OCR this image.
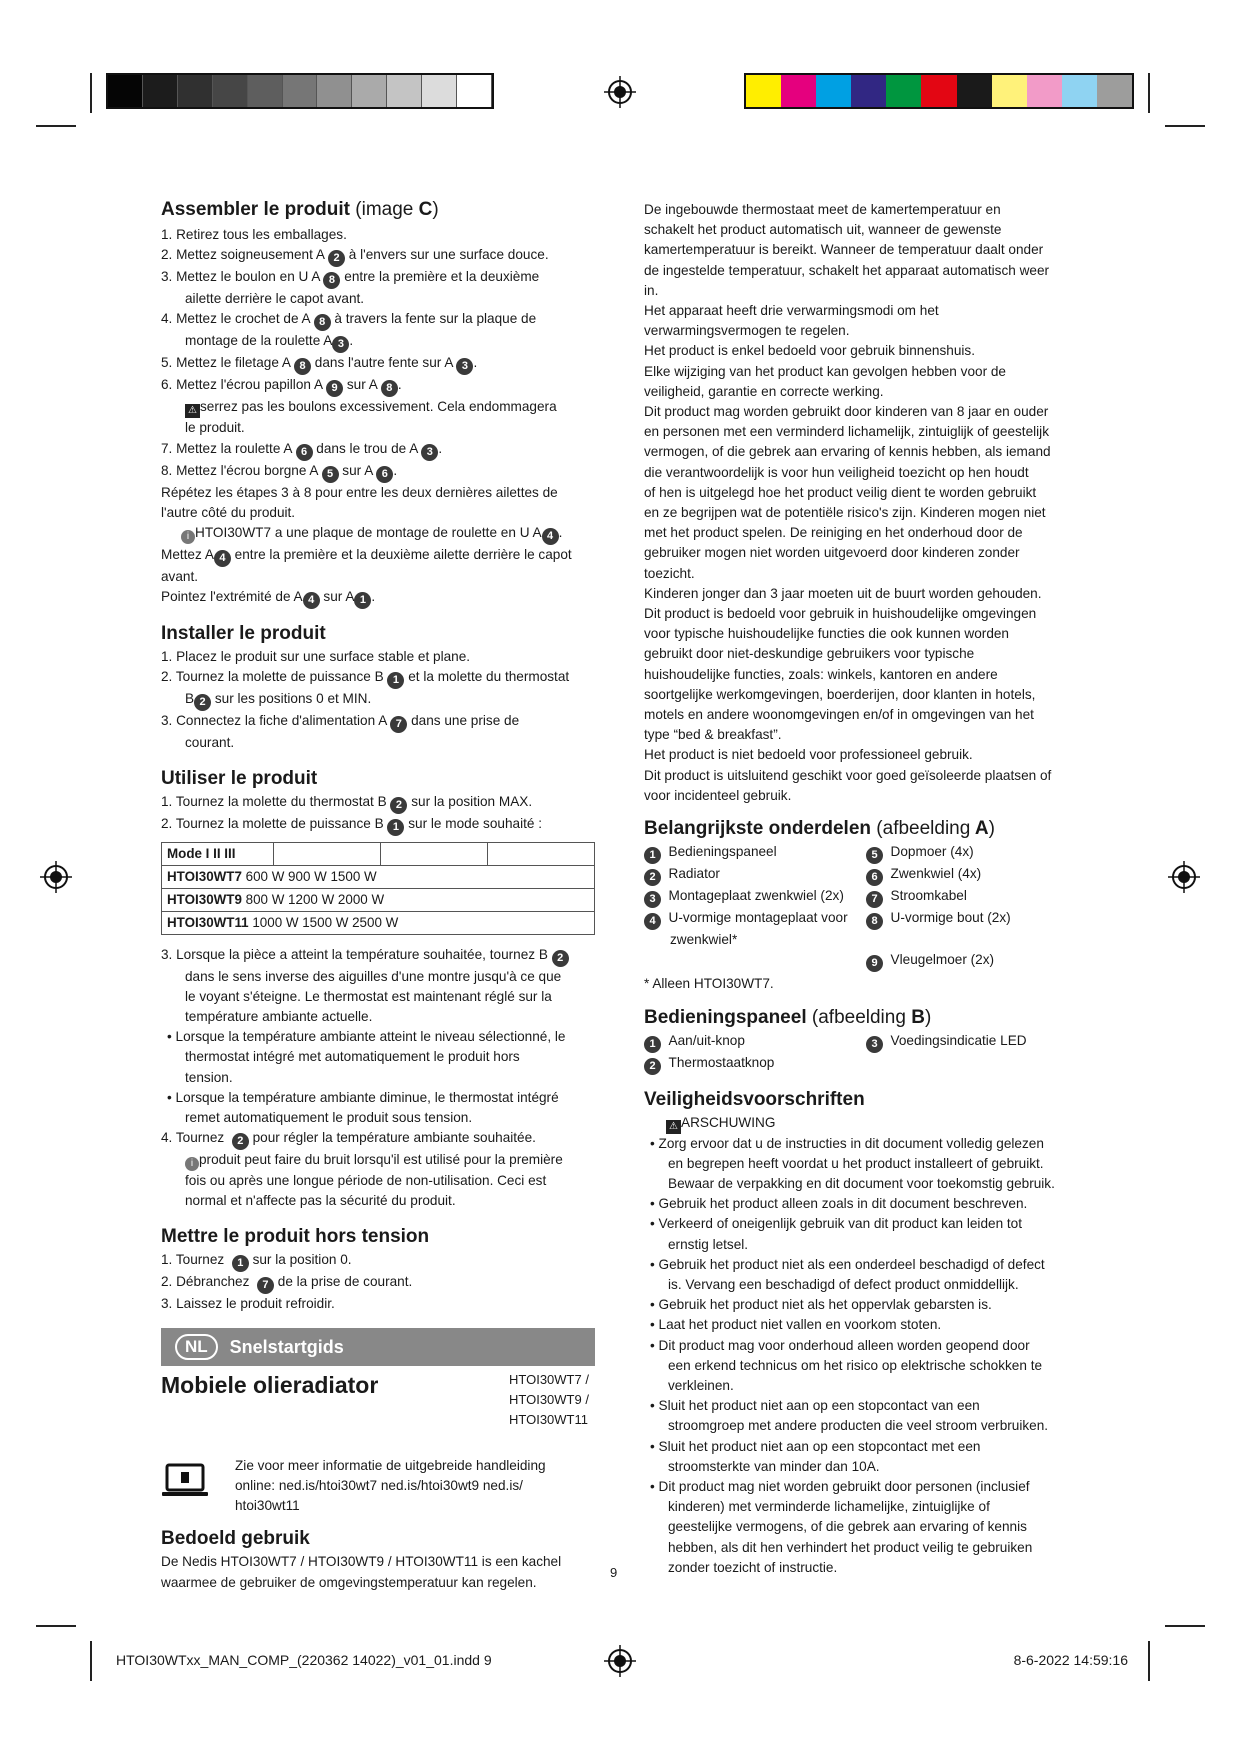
Assembler le produit (image C)

1. Retirez tous les emballages.

2. Mettez soigneusement A 2 à l'envers sur une surface douce.

3. Mettez le boulon en U A 8 entre la première et la deuxième

ailette derrière le capot avant.

4. Mettez le crochet de A 8 à travers la fente sur la plaque de

montage de la roulette A 3 .

5. Mettez le filetage A 8 dans l'autre fente sur A 3 .

6. Mettez l'écrou papillon A 9 sur A 8 .

⚠ serrez pas les boulons excessivement. Cela endommagera

le produit.

7. Mettez la roulette A 6 dans le trou de A 3 .

8. Mettez l'écrou borgne A 5 sur A 6 .

Répétez les étapes 3 à 8 pour entre les deux dernières ailettes de

l'autre côté du produit.

i HTOI30WT7 a une plaque de montage de roulette en U A 4 .

Mettez A 4 entre la première et la deuxième ailette derrière le capot

avant.

Pointez l'extrémité de A 4 sur A 1 .

Installer le produit

1. Placez le produit sur une surface stable et plane.

2. Tournez la molette de puissance B 1 et la molette du thermostat

B 2 sur les positions 0 et MIN.

3. Connectez la fiche d'alimentation A 7 dans une prise de

courant.

Utiliser le produit

1. Tournez la molette du thermostat B 2 sur la position MAX.

2. Tournez la molette de puissance B 1 sur le mode souhaité :

Mode I II III			
HTOI30WT7 600 W 900 W 1500 W
HTOI30WT9 800 W 1200 W 2000 W
HTOI30WT11 1000 W 1500 W 2500 W

3. Lorsque la pièce a atteint la température souhaitée, tournez B 2

dans le sens inverse des aiguilles d'une montre jusqu'à ce que

le voyant s'éteigne. Le thermostat est maintenant réglé sur la

température ambiante actuelle.

• Lorsque la température ambiante atteint le niveau sélectionné, le

thermostat intégré met automatiquement le produit hors

tension.

• Lorsque la température ambiante diminue, le thermostat intégré

remet automatiquement le produit sous tension.

4. Tournez 2 pour régler la température ambiante souhaitée.

i produit peut faire du bruit lorsqu'il est utilisé pour la première

fois ou après une longue période de non-utilisation. Ceci est

normal et n'affecte pas la sécurité du produit.

Mettre le produit hors tension

1. Tournez 1 sur la position 0.

2. Débranchez 7 de la prise de courant.

3. Laissez le produit refroidir.

NL	Snelstartgids
Mobiele olieradiator	HTOI30WT7 /
HTOI30WT9 /
HTOI30WT11

Zie voor meer informatie de uitgebreide handleiding

online: ned.is/htoi30wt7 ned.is/htoi30wt9 ned.is/

htoi30wt11

Bedoeld gebruik

De Nedis HTOI30WT7 / HTOI30WT9 / HTOI30WT11 is een kachel

waarmee de gebruiker de omgevingstemperatuur kan regelen.

De ingebouwde thermostaat meet de kamertemperatuur en

schakelt het product automatisch uit, wanneer de gewenste

kamertemperatuur is bereikt. Wanneer de temperatuur daalt onder

de ingestelde temperatuur, schakelt het apparaat automatisch weer

in.

Het apparaat heeft drie verwarmingsmodi om het

verwarmingsvermogen te regelen.

Het product is enkel bedoeld voor gebruik binnenshuis.

Elke wijziging van het product kan gevolgen hebben voor de

veiligheid, garantie en correcte werking.

Dit product mag worden gebruikt door kinderen van 8 jaar en ouder

en personen met een verminderd lichamelijk, zintuiglijk of geestelijk

vermogen, of die gebrek aan ervaring of kennis hebben, als iemand

die verantwoordelijk is voor hun veiligheid toezicht op hen houdt

of hen is uitgelegd hoe het product veilig dient te worden gebruikt

en ze begrijpen wat de potentiële risico's zijn. Kinderen mogen niet

met het product spelen. De reiniging en het onderhoud door de

gebruiker mogen niet worden uitgevoerd door kinderen zonder

toezicht.

Kinderen jonger dan 3 jaar moeten uit de buurt worden gehouden.

Dit product is bedoeld voor gebruik in huishoudelijke omgevingen

voor typische huishoudelijke functies die ook kunnen worden

gebruikt door niet-deskundige gebruikers voor typische

huishoudelijke functies, zoals: winkels, kantoren en andere

soortgelijke werkomgevingen, boerderijen, door klanten in hotels,

motels en andere woonomgevingen en/of in omgevingen van het

type “bed & breakfast”.

Het product is niet bedoeld voor professioneel gebruik.

Dit product is uitsluitend geschikt voor goed geïsoleerde plaatsen of

voor incidenteel gebruik.

Belangrijkste onderdelen (afbeelding A)
1  Bedieningspaneel	5  Dopmoer (4x)
2  Radiator	6  Zwenkwiel (4x)
3  Montageplaat zwenkwiel (2x)	7  Stroomkabel
4  U-vormige montageplaat voor zwenkwiel*
8  U-vormige bout (2x)
9  Vleugelmoer (2x)

* Alleen HTOI30WT7.

Bedieningspaneel (afbeelding B)
1  Aan/uit-knop	3  Voedingsindicatie LED
2  Thermostaatknop
Veiligheidsvoorschriften

⚠ ARSCHUWING

• Zorg ervoor dat u de instructies in dit document volledig gelezen

en begrepen heeft voordat u het product installeert of gebruikt.

Bewaar de verpakking en dit document voor toekomstig gebruik.

• Gebruik het product alleen zoals in dit document beschreven.

• Verkeerd of oneigenlijk gebruik van dit product kan leiden tot

ernstig letsel.

• Gebruik het product niet als een onderdeel beschadigd of defect

is. Vervang een beschadigd of defect product onmiddellijk.

• Gebruik het product niet als het oppervlak gebarsten is.

• Laat het product niet vallen en voorkom stoten.

• Dit product mag voor onderhoud alleen worden geopend door

een erkend technicus om het risico op elektrische schokken te

verkleinen.

• Sluit het product niet aan op een stopcontact van een

stroomgroep met andere producten die veel stroom verbruiken.

• Sluit het product niet aan op een stopcontact met een

stroomsterkte van minder dan 10A.

• Dit product mag niet worden gebruikt door personen (inclusief

kinderen) met verminderde lichamelijke, zintuiglijke of

geestelijke vermogens, of die gebrek aan ervaring of kennis

hebben, als dit hen verhindert het product veilig te gebruiken

zonder toezicht of instructie.

9
HTOI30WTxx_MAN_COMP_(220362 14022)_v01_01.indd 9	8-6-2022 14:59:16
